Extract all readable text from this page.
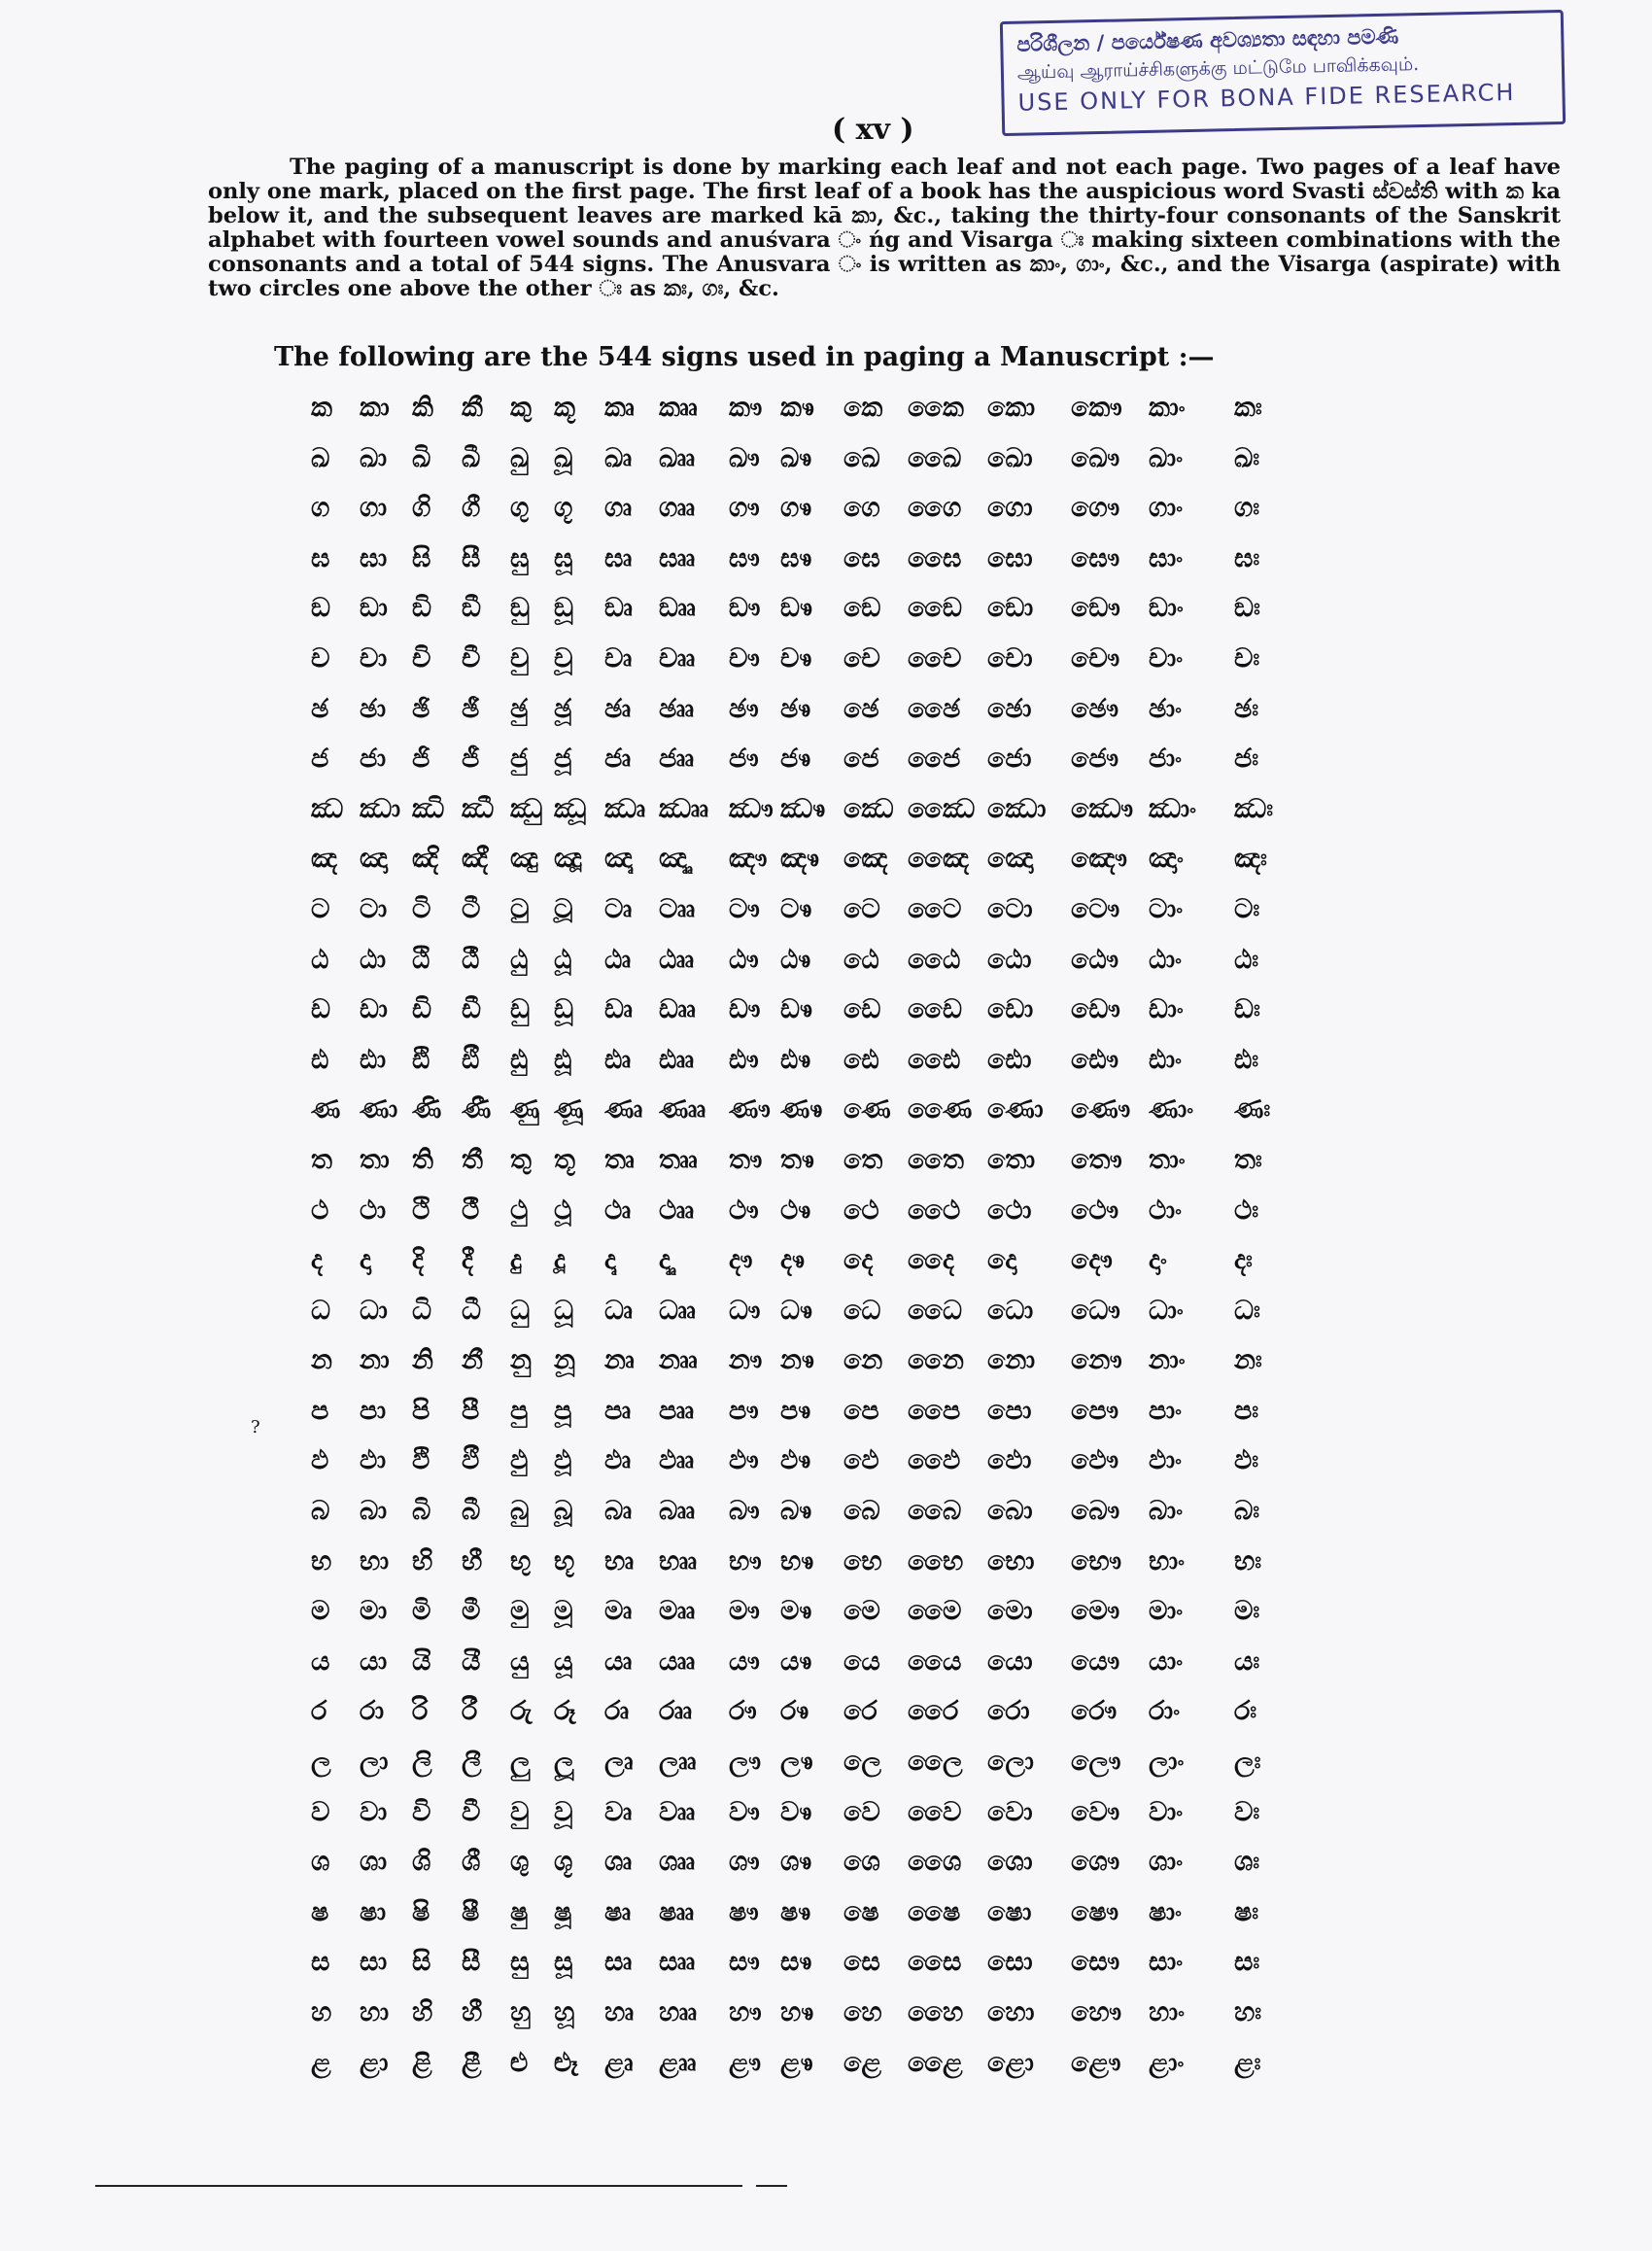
පරිශීලන / පර්යේෂණ අවශ්‍යතා සඳහා පමණි
ஆய்வு ஆராய்ச்சிகளுக்கு மட்டுமே பாவிக்கவும்.
USE ONLY FOR BONA FIDE RESEARCH
( xv )

The paging of a manuscript is done by marking each leaf and not each page. Two pages of a leaf have only one mark, placed on the first page. The first leaf of a book has the auspicious word Svasti ස්වස්ති with ක ka below it, and the subsequent leaves are marked kā කා, &c., taking the thirty-four consonants of the Sanskrit alphabet with fourteen vowel sounds and anuśvara ං ńg and Visarga ඃ making sixteen combinations with the consonants and a total of 544 signs. The Anusvara ං is written as කාං, ගාං, &c., and the Visarga (aspirate) with two circles one above the other ඃ as කඃ, ගඃ, &c.

The following are the 544 signs used in paging a Manuscript :—
?
ක කා කි කී කු කූ කෘ කෲ කෟ කෳ කෙ කෛ කො කෞ කාං කඃ
ඛ ඛා ඛි ඛී ඛු ඛූ ඛෘ ඛෲ ඛෟ ඛෳ ඛෙ ඛෛ ඛො ඛෞ ඛාං ඛඃ
ග ගා ගි ගී ගු ගූ ගෘ ගෲ ගෟ ගෳ ගෙ ගෛ ගො ගෞ ගාං ගඃ
ඝ ඝා ඝි ඝී ඝු ඝූ ඝෘ ඝෲ ඝෟ ඝෳ ඝෙ ඝෛ ඝො ඝෞ ඝාං ඝඃ
ඞ ඞා ඞි ඞී ඞු ඞූ ඞෘ ඞෲ ඞෟ ඞෳ ඞෙ ඞෛ ඞො ඞෞ ඞාං ඞඃ
ච චා චි චී චු චූ චෘ චෲ චෟ චෳ චෙ චෛ චො චෞ චාං චඃ
ඡ ඡා ඡි ඡී ඡු ඡූ ඡෘ ඡෲ ඡෟ ඡෳ ඡෙ ඡෛ ඡො ඡෞ ඡාං ඡඃ
ජ ජා ජි ජී ජු ජූ ජෘ ජෲ ජෟ ජෳ ජෙ ජෛ ජො ජෞ ජාං ජඃ
ඣ ඣා ඣි ඣී ඣු ඣූ ඣෘ ඣෲ ඣෟ ඣෳ ඣෙ ඣෛ ඣො ඣෞ ඣාං ඣඃ
ඤ ඤා ඤි ඤී ඤු ඤූ ඤෘ ඤෲ ඤෟ ඤෳ ඤෙ ඤෛ ඤො ඤෞ ඤාං ඤඃ
ට ටා ටි ටී ටු ටූ ටෘ ටෲ ටෟ ටෳ ටෙ ටෛ ටො ටෞ ටාං ටඃ
ඨ ඨා ඨි ඨී ඨු ඨූ ඨෘ ඨෲ ඨෟ ඨෳ ඨෙ ඨෛ ඨො ඨෞ ඨාං ඨඃ
ඩ ඩා ඩි ඩී ඩු ඩූ ඩෘ ඩෲ ඩෟ ඩෳ ඩෙ ඩෛ ඩො ඩෞ ඩාං ඩඃ
ඪ ඪා ඪි ඪී ඪු ඪූ ඪෘ ඪෲ ඪෟ ඪෳ ඪෙ ඪෛ ඪො ඪෞ ඪාං ඪඃ
ණ ණා ණි ණී ණු ණූ ණෘ ණෲ ණෟ ණෳ ණෙ ණෛ ණො ණෞ ණාං ණඃ
ත තා ති තී තු තූ තෘ තෲ තෟ තෳ තෙ තෛ තො තෞ තාං තඃ
ථ ථා ථි ථී ථු ථූ ථෘ ථෲ ථෟ ථෳ ථෙ ථෛ ථො ථෞ ථාං ථඃ
ද දා දි දී දු දූ දෘ දෲ දෟ දෳ දෙ දෛ දො දෞ දාං	දඃ
ධ ධා ධි ධී ධු ධූ ධෘ ධෲ ධෟ ධෳ ධෙ ධෛ ධො ධෞ ධාං ධඃ
න නා නි නී නු නූ නෘ නෲ නෟ නෳ නෙ නෛ නො නෞ නාං නඃ
ප පා පි පී පු පූ පෘ පෲ පෟ පෳ පෙ පෛ පො පෞ පාං පඃ
ඵ ඵා ඵි ඵී ඵු ඵූ ඵෘ ඵෲ ඵෟ ඵෳ ඵෙ ඵෛ ඵො ඵෞ ඵාං ඵඃ
බ බා බි බී බු බූ බෘ බෲ බෟ බෳ බෙ බෛ බො බෞ බාං බඃ
භ භා භි භී භු භූ භෘ භෲ භෟ භෳ භෙ භෛ භො භෞ භාං භඃ
ම මා මි මී මු මූ මෘ මෲ මෟ මෳ මෙ මෛ මො මෞ මාං මඃ
ය යා යි යී යු යූ යෘ යෲ යෟ යෳ යෙ යෛ යො යෞ යාං යඃ
ර රා රි රී රු රූ රෘ රෲ රෟ රෳ රෙ රෛ රො රෞ රාං රඃ
ල ලා ලි ලී ලු ලූ ලෘ ලෲ ලෟ ලෳ ලෙ ලෛ ලො ලෞ ලාං ලඃ
ව වා වි වී වු වූ වෘ වෲ වෟ වෳ වෙ වෛ වො වෞ වාං වඃ
ශ ශා ශි ශී ශු ශූ ශෘ ශෲ ශෟ ශෳ ශෙ ශෛ ශො ශෞ ශාං ශඃ
ෂ ෂා ෂි ෂී ෂු ෂූ ෂෘ ෂෲ ෂෟ ෂෳ ෂෙ ෂෛ ෂො ෂෞ ෂාං ෂඃ
ස සා සි සී සු සූ සෘ සෲ සෟ සෳ සෙ සෛ සො සෞ සාං සඃ
හ හා හි හී හු හූ හෘ හෲ හෟ හෳ හෙ හෛ හො හෞ හාං හඃ
ළ ළා ළි ළී ළු ළූ ළෘ ළෲ ළෟ ළෳ ළෙ ළෛ ළො ළෞ ළාං ළඃ
